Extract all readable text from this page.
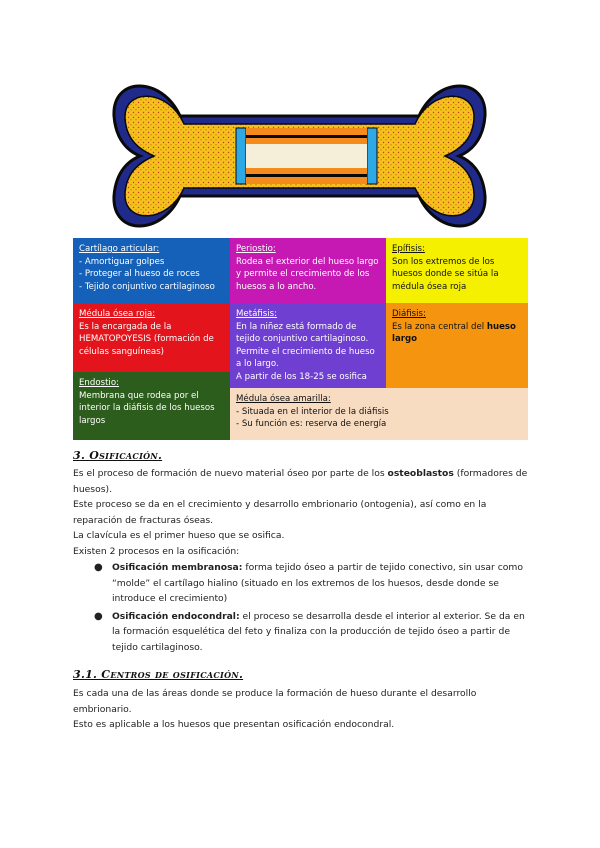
Cartílago articular:
- Amortiguar golpes
- Proteger al hueso de roces
- Tejido conjuntivo cartilaginoso
Periostio:
Rodea el exterior del hueso largo y permite el crecimiento de los huesos a lo ancho.
Epífisis:
Son los extremos de los huesos donde se sitúa la médula ósea roja
Médula ósea roja:
Es la encargada de la HEMATOPOYESIS (formación de células sanguíneas)
Metáfisis:
En la niñez está formado de tejido conjuntivo cartilaginoso. Permite el crecimiento de hueso a lo largo.
A partir de los 18-25 se osifica
Diáfisis:
Es la zona central del hueso largo
Endostio:
Membrana que rodea por el interior la diáfisis de los huesos largos
Médula ósea amarilla:
- Situada en el interior de la diáfisis
- Su función es: reserva de energía
3. Osificación.

Es el proceso de formación de nuevo material óseo por parte de los osteoblastos (formadores de huesos).

Este proceso se da en el crecimiento y desarrollo embrionario (ontogenia), así como en la reparación de fracturas óseas.

La clavícula es el primer hueso que se osifica.

Existen 2 procesos en la osificación:

● Osificación membranosa: forma tejido óseo a partir de tejido conectivo, sin usar como “molde” el cartílago hialino (situado en los extremos de los huesos, desde donde se introduce el crecimiento)
● Osificación endocondral: el proceso se desarrolla desde el interior al exterior. Se da en la formación esquelética del feto y finaliza con la producción de tejido óseo a partir de tejido cartilaginoso.
3.1. Centros de osificación.

Es cada una de las áreas donde se produce la formación de hueso durante el desarrollo embrionario.

Esto es aplicable a los huesos que presentan osificación endocondral.
